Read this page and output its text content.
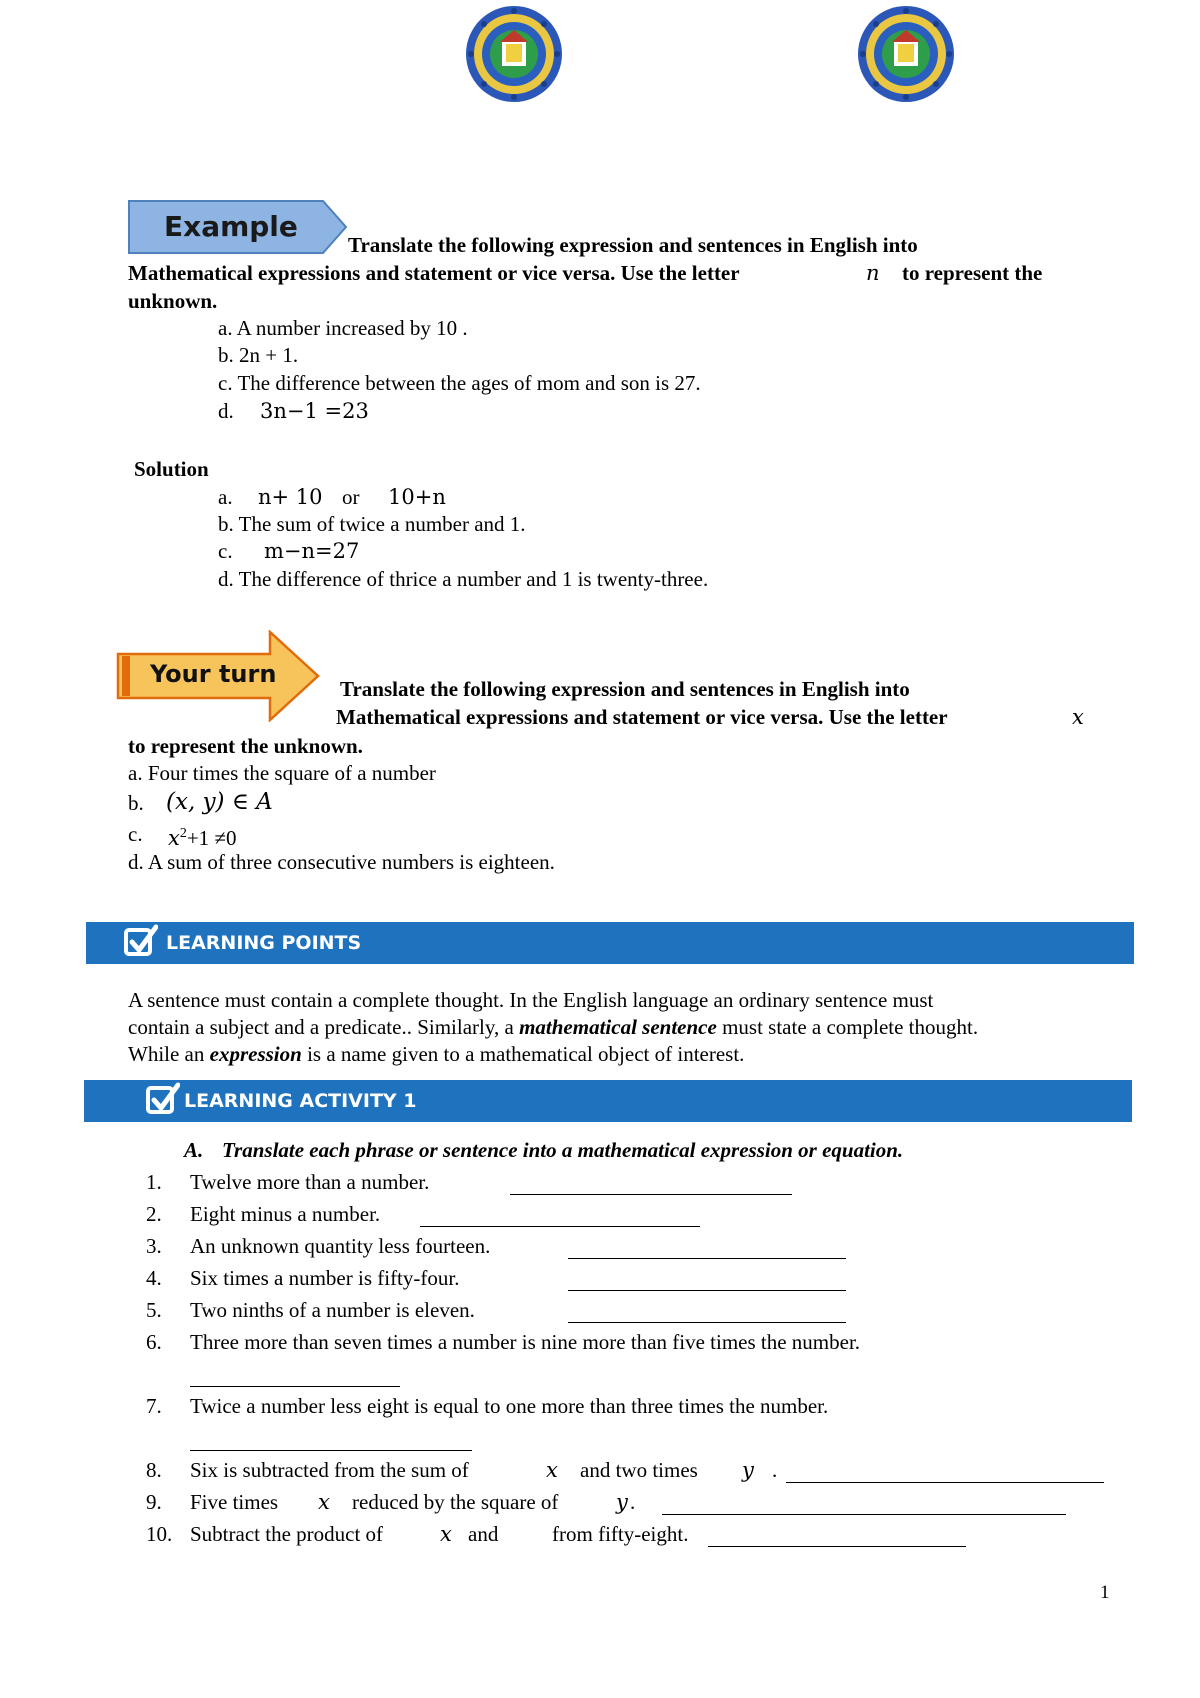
Example
Translate the following expression and sentences in English into
Mathematical expressions and statement or vice versa. Use the letter	n to represent the
unknown.
a. A number increased by 10 .
b. 2n + 1.
c. The difference between the ages of mom and son is 27.
d. 3n−1 =23
Solution
a. n+ 10 or 10+n
b. The sum of twice a number and 1.
c. m−n=27
d. The difference of thrice a number and 1 is twenty-three.
Your turn
Translate the following expression and sentences in English into
Mathematical expressions and statement or vice versa. Use the letter	x
to represent the unknown.
a. Four times the square of a number
b. (x, y) ∈ A
c. $x^2+1 \ne 0$
d. A sum of three consecutive numbers is eighteen.
LEARNING POINTS
A sentence must contain a complete thought. In the English language an ordinary sentence must
contain a subject and a predicate.. Similarly, a mathematical sentence must state a complete thought.
While an expression is a name given to a mathematical object of interest.
LEARNING ACTIVITY 1
A. Translate each phrase or sentence into a mathematical expression or equation.
1. Twelve more than a number.
2. Eight minus a number.
3. An unknown quantity less fourteen.
4. Six times a number is fifty-four.
5. Two ninths of a number is eleven.
6. Three more than seven times a number is nine more than five times the number.
7. Twice a number less eight is equal to one more than three times the number.
8. Six is subtracted from the sum of	x and two times y .
9. Five times x reduced by the square of	y .
10. Subtract the product of	x and	from fifty-eight.
1
